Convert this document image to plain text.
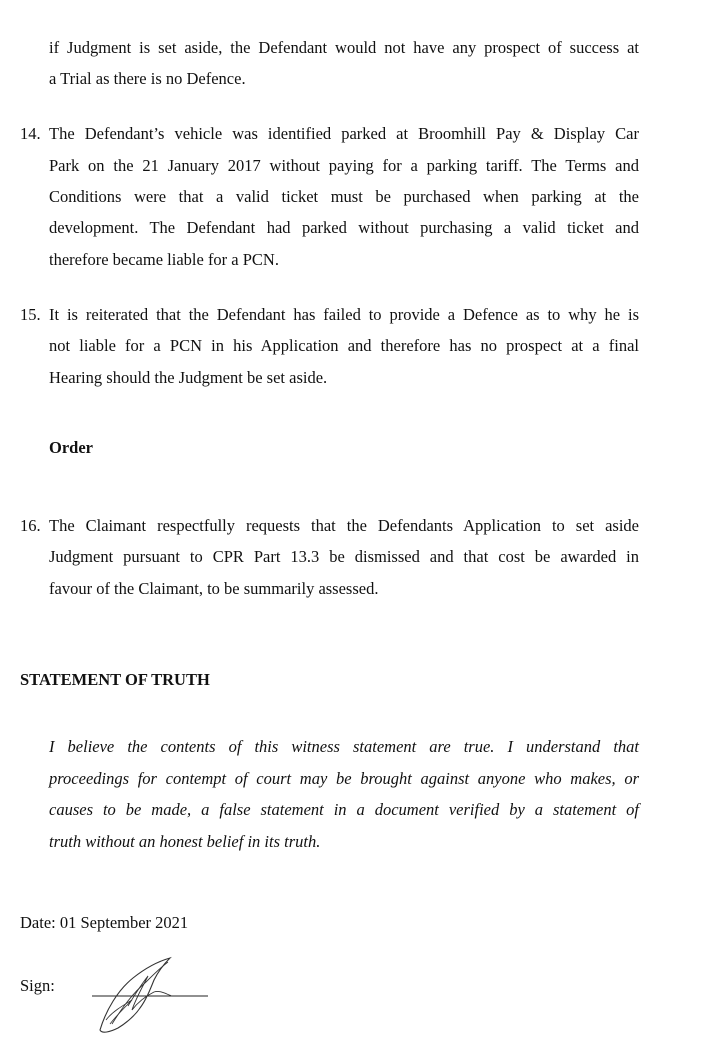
if Judgment is set aside, the Defendant would not have any prospect of success at
a Trial as there is no Defence.
14. The Defendant’s vehicle was identified parked at Broomhill Pay & Display Car
Park on the 21 January 2017 without paying for a parking tariff. The Terms and
Conditions were that a valid ticket must be purchased when parking at the
development. The Defendant had parked without purchasing a valid ticket and
therefore became liable for a PCN.
15. It is reiterated that the Defendant has failed to provide a Defence as to why he is
not liable for a PCN in his Application and therefore has no prospect at a final
Hearing should the Judgment be set aside.
Order
16. The Claimant respectfully requests that the Defendants Application to set aside
Judgment pursuant to CPR Part 13.3 be dismissed and that cost be awarded in
favour of the Claimant, to be summarily assessed.
STATEMENT OF TRUTH
I believe the contents of this witness statement are true. I understand that
proceedings for contempt of court may be brought against anyone who makes, or
causes to be made, a false statement in a document verified by a statement of
truth without an honest belief in its truth.
Date: 01 September 2021
Sign:
